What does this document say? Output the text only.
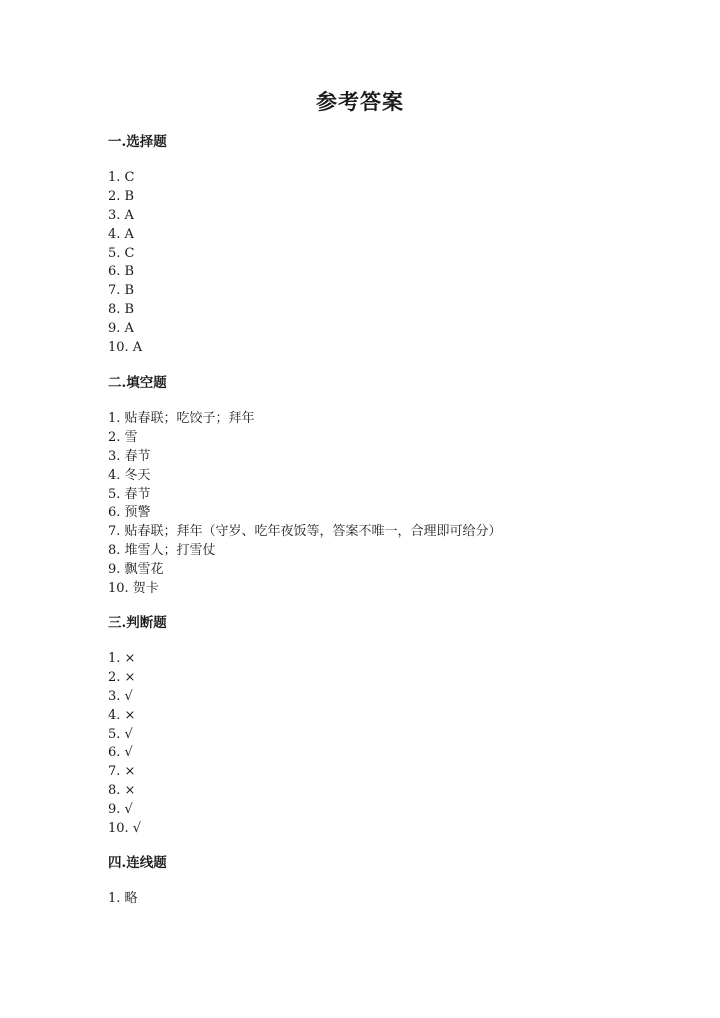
参考答案
一.选择题
1. C
2. B
3. A
4. A
5. C
6. B
7. B
8. B
9. A
10. A
二.填空题
1. 贴春联；吃饺子；拜年
2. 雪
3. 春节
4. 冬天
5. 春节
6. 预警
7. 贴春联；拜年（守岁、吃年夜饭等，答案不唯一，合理即可给分）
8. 堆雪人；打雪仗
9. 飘雪花
10. 贺卡
三.判断题
1. ×
2. ×
3. √
4. ×
5. √
6. √
7. ×
8. ×
9. √
10. √
四.连线题
1. 略
